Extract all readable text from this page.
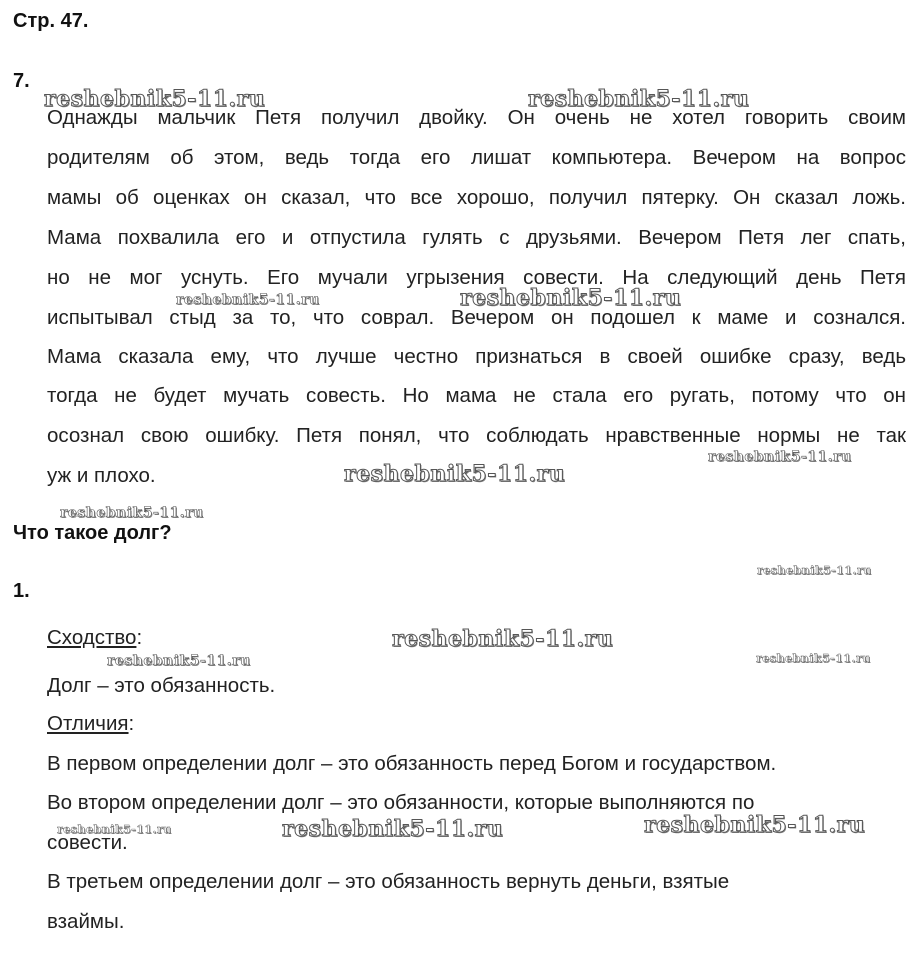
Стр. 47.
7.
Однажды мальчик Петя получил двойку. Он очень не хотел говорить своим
родителям об этом, ведь тогда его лишат компьютера. Вечером на вопрос
мамы об оценках он сказал, что все хорошо, получил пятерку. Он сказал ложь.
Мама похвалила его и отпустила гулять с друзьями. Вечером Петя лег спать,
но не мог уснуть. Его мучали угрызения совести. На следующий день Петя
испытывал стыд за то, что соврал. Вечером он подошел к маме и сознался.
Мама сказала ему, что лучше честно признаться в своей ошибке сразу, ведь
тогда не будет мучать совесть. Но мама не стала его ругать, потому что он
осознал свою ошибку. Петя понял, что соблюдать нравственные нормы не так
уж и плохо.
Что такое долг?
1.
Сходство:
Долг – это обязанность.
Отличия:
В первом определении долг – это обязанность перед Богом и государством.
Во втором определении долг – это обязанности, которые выполняются по
совести.
В третьем определении долг – это обязанность вернуть деньги, взятые
взаймы.
reshebnik5-11.ru	reshebnik5-11.ru
reshebnik5-11.ru	reshebnik5-11.ru
reshebnik5-11.ru
reshebnik5-11.ru
reshebnik5-11.ru
reshebnik5-11.ru
reshebnik5-11.ru
reshebnik5-11.ru	reshebnik5-11.ru
reshebnik5-11.ru	reshebnik5-11.ru	reshebnik5-11.ru
